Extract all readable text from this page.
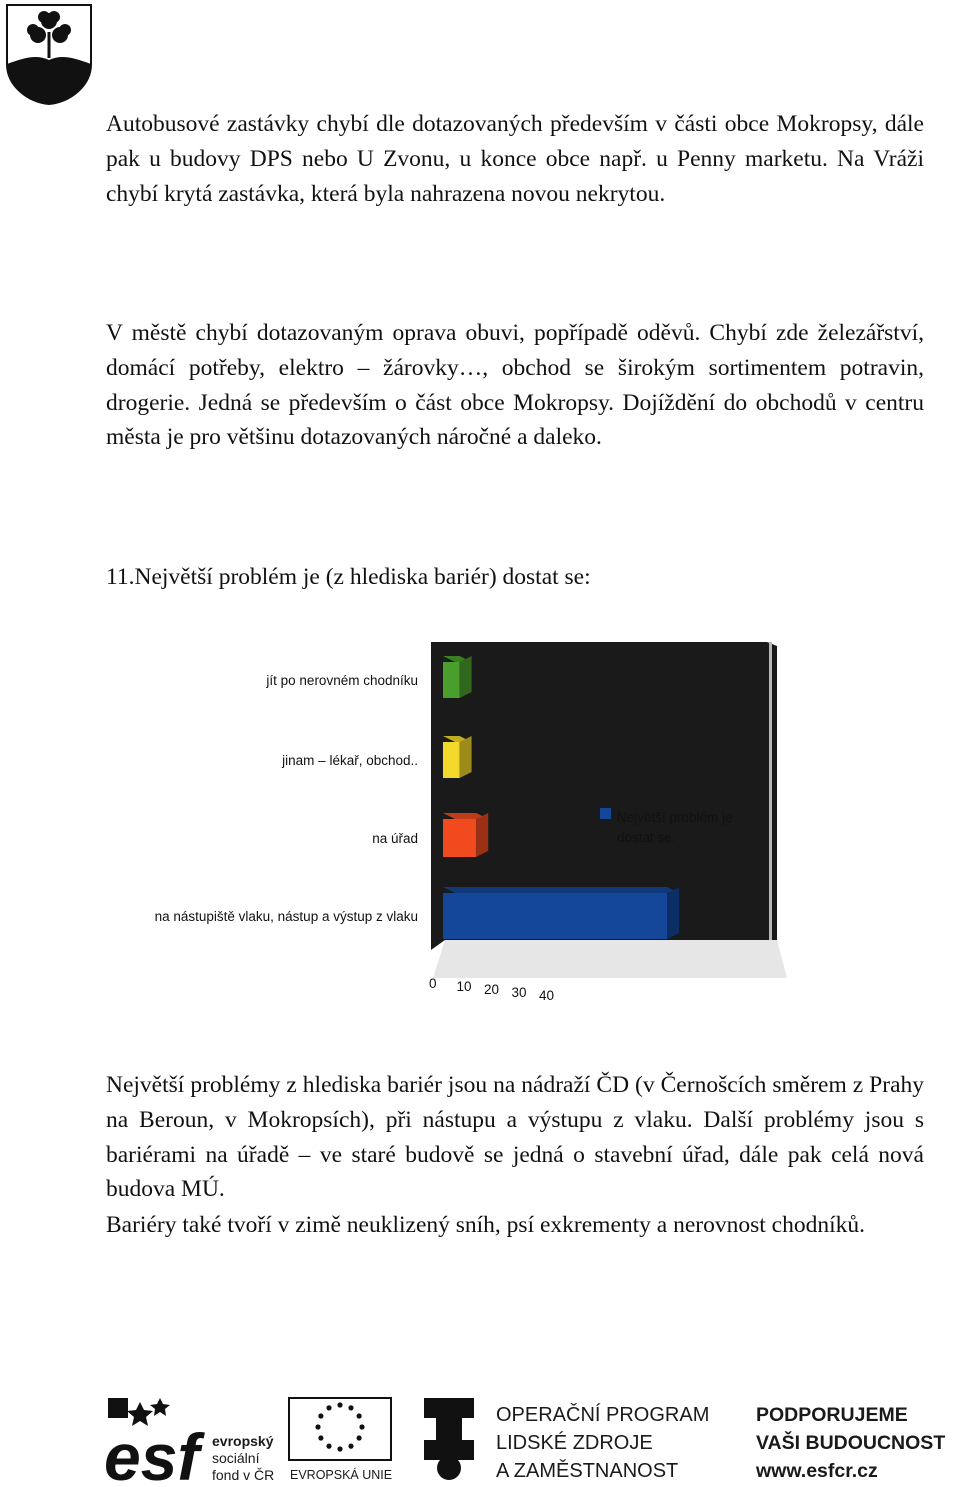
Autobusové zastávky chybí dle dotazovaných především v části obce Mokropsy, dále pak u budovy DPS nebo U Zvonu, u konce obce např. u Penny marketu. Na Vráži chybí krytá zastávka, která byla nahrazena novou nekrytou.

V městě chybí dotazovaným oprava obuvi, popřípadě oděvů. Chybí zde železářství, domácí potřeby, elektro – žárovky…, obchod se širokým sortimentem potravin, drogerie. Jedná se především o část obce Mokropsy. Dojíždění do obchodů v centru města je pro většinu dotazovaných náročné a daleko.

11.Největší problém je (z hlediska bariér) dostat se:

jít po nerovném chodníku
jinam – lékař, obchod..
na úřad
na nástupiště vlaku, nástup a výstup z vlaku
0 10 20 30 40
Největší problém je
dostat se.

Největší problémy z hlediska bariér jsou na nádraží ČD (v Černošcích směrem z Prahy na Beroun, v Mokropsích), při nástupu a výstupu z vlaku. Další problémy jsou s bariérami na úřadě – ve staré budově se jedná o stavební úřad, dále pak celá nová budova MÚ.

Bariéry také tvoří v zimě neuklizený sníh, psí exkrementy a nerovnost chodníků.

esf evropský
sociální
fond v ČR EVROPSKÁ UNIE
OPERAČNÍ PROGRAM
LIDSKÉ ZDROJE
A ZAMĚSTNANOST
PODPORUJEME
VAŠI BUDOUCNOST
www.esfcr.cz
